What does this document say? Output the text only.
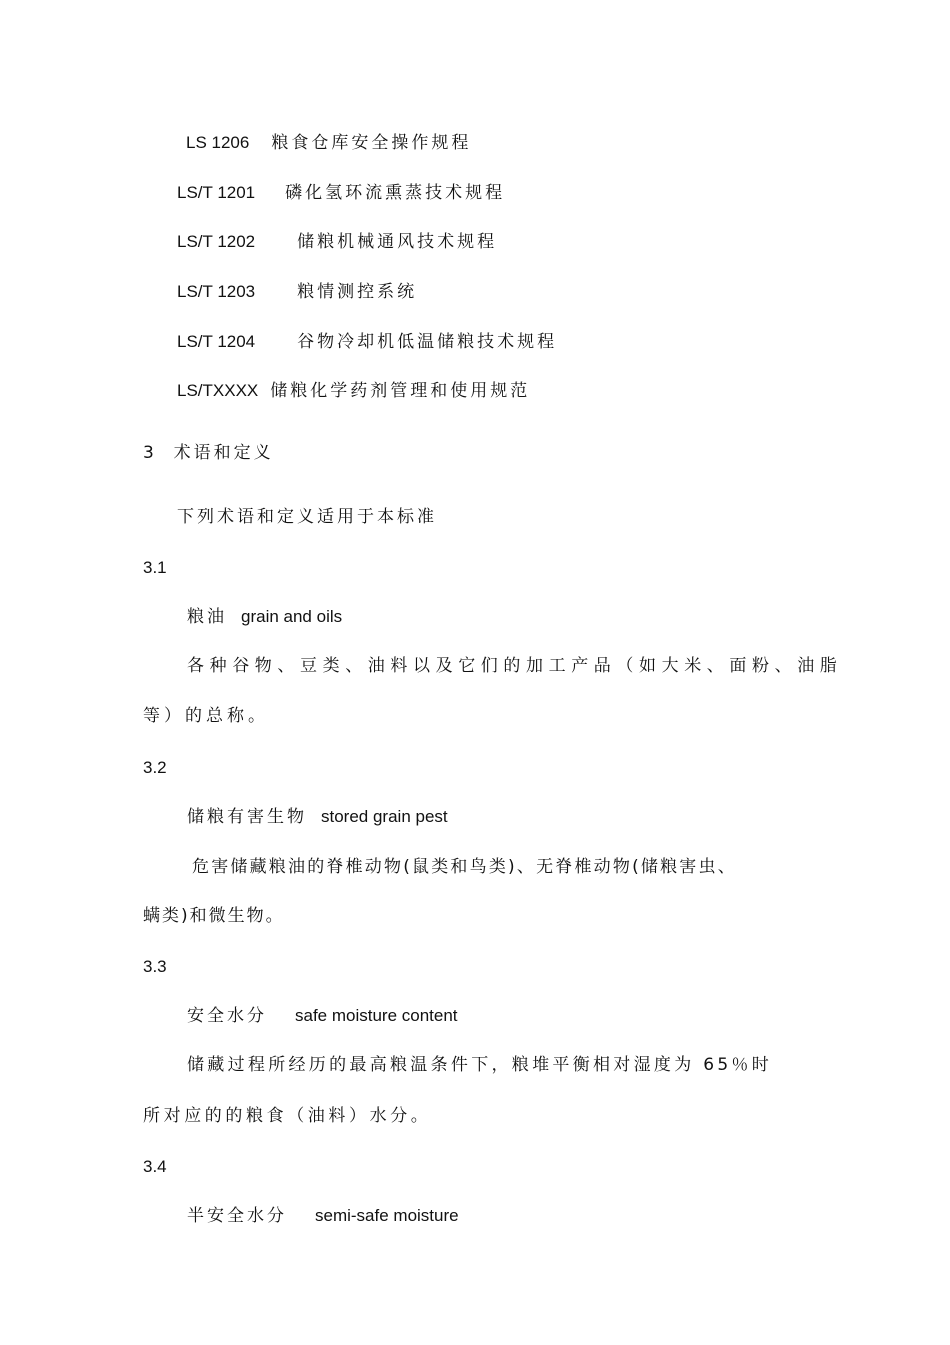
LS 1206 粮食仓库安全操作规程
LS/T 1201 磷化氢环流熏蒸技术规程
LS/T 1202 储粮机械通风技术规程
LS/T 1203 粮情测控系统
LS/T 1204 谷物冷却机低温储粮技术规程
LS/TXXXX 储粮化学药剂管理和使用规范
3  术语和定义
下列术语和定义适用于本标准
3.1
粮油 grain and oils
各种谷物、豆类、油料以及它们的加工产品（如大米、面粉、油脂
等）的总称。
3.2
储粮有害生物 stored grain pest
危害储藏粮油的脊椎动物(鼠类和鸟类)、无脊椎动物(储粮害虫、
螨类)和微生物。
3.3
安全水分 safe moisture content
储藏过程所经历的最高粮温条件下，粮堆平衡相对湿度为 65％时
所对应的的粮食（油料）水分。
3.4
半安全水分 semi-safe moisture
